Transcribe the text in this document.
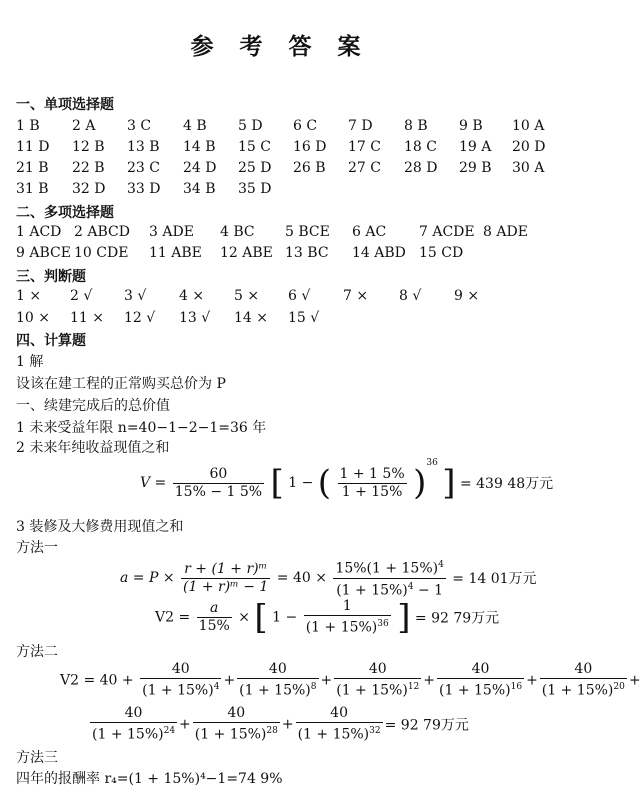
参 考 答 案
一、单项选择题
1 B 2 A 3 C 4 B 5 D 6 C 7 D 8 B 9 B 10 A
11 D 12 B 13 B 14 B 15 C 16 D 17 C 18 C 19 A 20 D
21 B 22 B 23 C 24 D 25 D 26 B 27 C 28 D 29 B 30 A
31 B 32 D 33 D 34 B 35 D
二、多项选择题
1 ACD 2 ABCD 3 ADE 4 BC 5 BCE 6 AC 7 ACDE 8 ADE
9 ABCE 10 CDE 11 ABE 12 ABE 13 BC 14 ABD 15 CD
三、判断题
1 × 2 √ 3 √ 4 × 5 × 6 √ 7 × 8 √ 9 ×
10 × 11 × 12 √ 13 √ 14 × 15 √
四、计算题
1 解
设该在建工程的正常购买总价为 P
一、续建完成后的总价值
1 未来受益年限 n=40−1−2−1=36 年
2 未来年纯收益现值之和
$V = \frac{60}{15\% - 1 5\%}$ [ 1 − ( $\frac{1 + 1 5\%}{1 + 15\%} )^{36}$ ] = 439 48万元
3 装修及大修费用现值之和
方法一
$a = P \times \frac{\text{r + (1 + r)ᵐ}}{\text{(1 + r)ᵐ − 1}} = 40 \times \frac{15\%(1 + 15\%)^4}{(1 + 15\%)^4 - 1} = 14$ 01万元
$V2 = \frac{a}{15\%}$ × [ $1 - \frac{1}{(1 + 15\%)^{36}}$ ] = 92 79万元
方法二
$V2 = 40 + \frac{40}{(1 + 15\%)^4} + \frac{40}{(1 + 15\%)^8} + \frac{40}{(1 + 15\%)^{12}} + \frac{40}{(1 + 15\%)^{16}} + \frac{40}{(1 + 15\%)^{20}}$ +
$\frac{40}{(1 + 15\%)^{24}} + \frac{40}{(1 + 15\%)^{28}} + \frac{40}{(1 + 15\%)^{32}} = 92$ 79万元
方法三
四年的报酬率 r₄=(1 + 15%)⁴−1=74 9%
